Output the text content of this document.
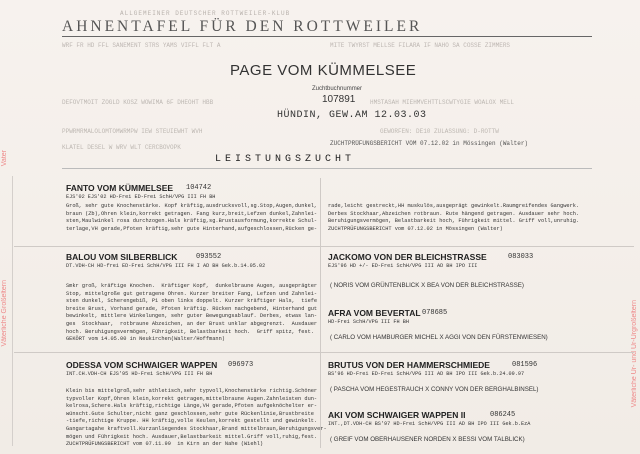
ALLGEMEINER DEUTSCHER ROTTWEILER-KLUB
AHNENTAFEL FÜR DEN ROTTWEILER
WRF FR HD FFL SANEMENT STRS YAMS VIFFL FLT A	MITE TWYRST MELLSE FILARA IF NAHO SA COSSE ZIMMERS
PAGE VOM KÜMMELSEE
Zuchtbuchnummer
107891
DEFOVTMOIT ZOGLD KOSZ WOWIMA 6F DHEOHT HBB	HMSTASAH MIEHMVEHTTLSCWTYGIE WOALOX MELL
HÜNDIN, GEW.AM 12.03.03
PPWRMRMALOLOMTOMWRMPW IEW STEUIEWHT WVH	GEWORFEN: DE10 ZULASSUNG: D-ROTTW
KLATEL DESEL W WRV WLT CERCBOVOPK
ZUCHTPRÜFUNGSBERICHT VOM 07.12.02 in Mössingen (Walter)
LEISTUNGSZUCHT
Vater
Väterliche Großeltern	Väterliche Ur- und Ur-Urgroßeltern
FANTO VOM KÜMMELSEE 104742
EJS'02 EJS'02 HD-Frei ED-Frei SchH/VPG III FH BH
Groß, sehr gute Knochenstärke. Kopf kräftig,ausdrucksvoll,sg.Stop,Augen,dunkel,
braun (Zb),Ohren klein,korrekt getragen. Fang kurz,breit,Lefzen dunkel,Zahnlei-
sten,Maulwinkel rosa durchzogen.Hals kräftig,sg.Brustausformung,korrekte Schul-
terlage,VH gerade,Pfoten kräftig,sehr gute Hinterhand,aufgeschlossen,Rücken ge-
rade,leicht gestreckt,HH muskulös,ausgeprägt gewinkelt.Raumgreifendes Gangwerk.
Derbes Stockhaar,Abzeichen rotbraun. Rute hängend getragen. Ausdauer sehr hoch.
Beruhigungsvermögen, Belastbarkeit hoch, Führigkeit mittel. Griff voll,unruhig.
ZUCHTPRÜFUNGSBERICHT vom 07.12.02 in Mössingen (Walter)
BALOU VOM SILBERBLICK	093552
DT.VDH-CH HD-frei ED-Frei SchH/VPG III FH I AD BH Gek.b.14.05.02
Smkr groß, kräftige Knochen.  Kräftiger Kopf,  dunkelbraune Augen, ausgeprägter
Stop, mittelgroße gut getragene Ohren. Kurzer breiter Fang, Lefzen und Zahnlei-
sten dunkel, Scherengebiß, P1 oben links doppelt. Kurzer kräftiger Hals,  tiefe
breite Brust, Vorhand gerade, Pfoten kräftig. Rücken nachgebend, Hinterhand gut
bewinkelt, mittlere Winkelungen, sehr guter Bewegungsablauf. Derbes, etwas lan-
ges  Stockhaar,  rotbraune Abzeichen, an der Brust unklar abgegrenzt.  Ausdauer
hoch. Beruhigungsvermögen, Führigkeit, Belastbarkeit hoch.  Griff spitz, fest.
GEKÖRT vom 14.05.00 in Neukirchen(Walter/Hoffmann)
JACKOMO VON DER BLEICHSTRASSE	083033
EJS'96 HD +/- ED-Frei SchH/VPG III AD BH IPO III
( NORIS VOM GRÜNTENBLICK X BEA VON DER BLEICHSTRASSE)
AFRA VOM BEVERTAL 078685
HD-Frei SchH/VPG III FH BH
( CARLO VOM HAMBURGER MICHEL X AGGI VON DEN FÜRSTENWIESEN)
ODESSA VOM SCHWAIGER WAPPEN 096973
INT.CH.VDH-CH EJS'95 HD-Frei SchH/VPG III FH BH
Klein bis mittelgroß,sehr athletisch,sehr typvoll,Knochenstärke richtig.Schöner
typvoller Kopf,Ohren klein,korrekt getragen,mittelbraune Augen.Zahnleisten dun-
kelrosa,Schere.Hals kräftig,richtige Länge,VH gerade,Pfoten aufgeknöchelter er-
wünscht.Gute Schulter,nicht ganz geschlossen,sehr gute Rückenlinie,Brustbreite
-tiefe,richtige Kruppe. HH kräftig,volle Keulen,korrekt gestellt und gewinkelt.
Gangartagahe kraftvoll.Kurzanliegendes Stockhaar,Brand mittelbraun,Beruhigungsver-
mögen und Führigkeit hoch. Ausdauer,Belastbarkeit mittel.Griff voll,ruhig,fest.
ZUCHTPRÜFUNGSBERICHT vom 07.11.99  in Kirn an der Nahe (Wiehl)
BRUTUS VON DER HAMMERSCHMIEDE	081596
BS'96 HD-Frei ED-Frei SchH/VPG III AD BH IPO III Gek.b.24.09.97
( PASCHA VOM HEGESTRAUCH X CONNY VON DER BERGHALBINSEL)
AKI VOM SCHWAIGER WAPPEN II	086245
INT.,DT.VDH-CH BS'97 HD-Frei SchH/VPG III AD BH IPO III Gek.b.EzA
( GREIF VOM OBERHAUSENER NORDEN X BESSI VOM TALBLICK)
